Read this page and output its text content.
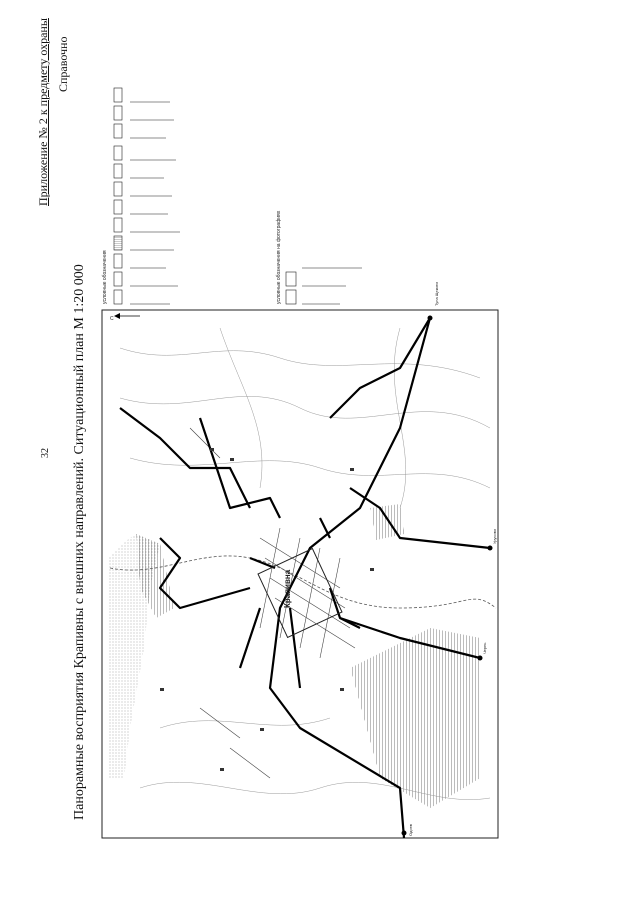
Приложение № 2 к предмету охраны Справочно
32 Панорамные восприятия Крапивны с внешних направлений. Ситуационный план М 1:20 000	С
Крапивна
Тула Щекино
Урусово
Чернь
Одоев
условные обозначения	условные обозначения на фотографиях
